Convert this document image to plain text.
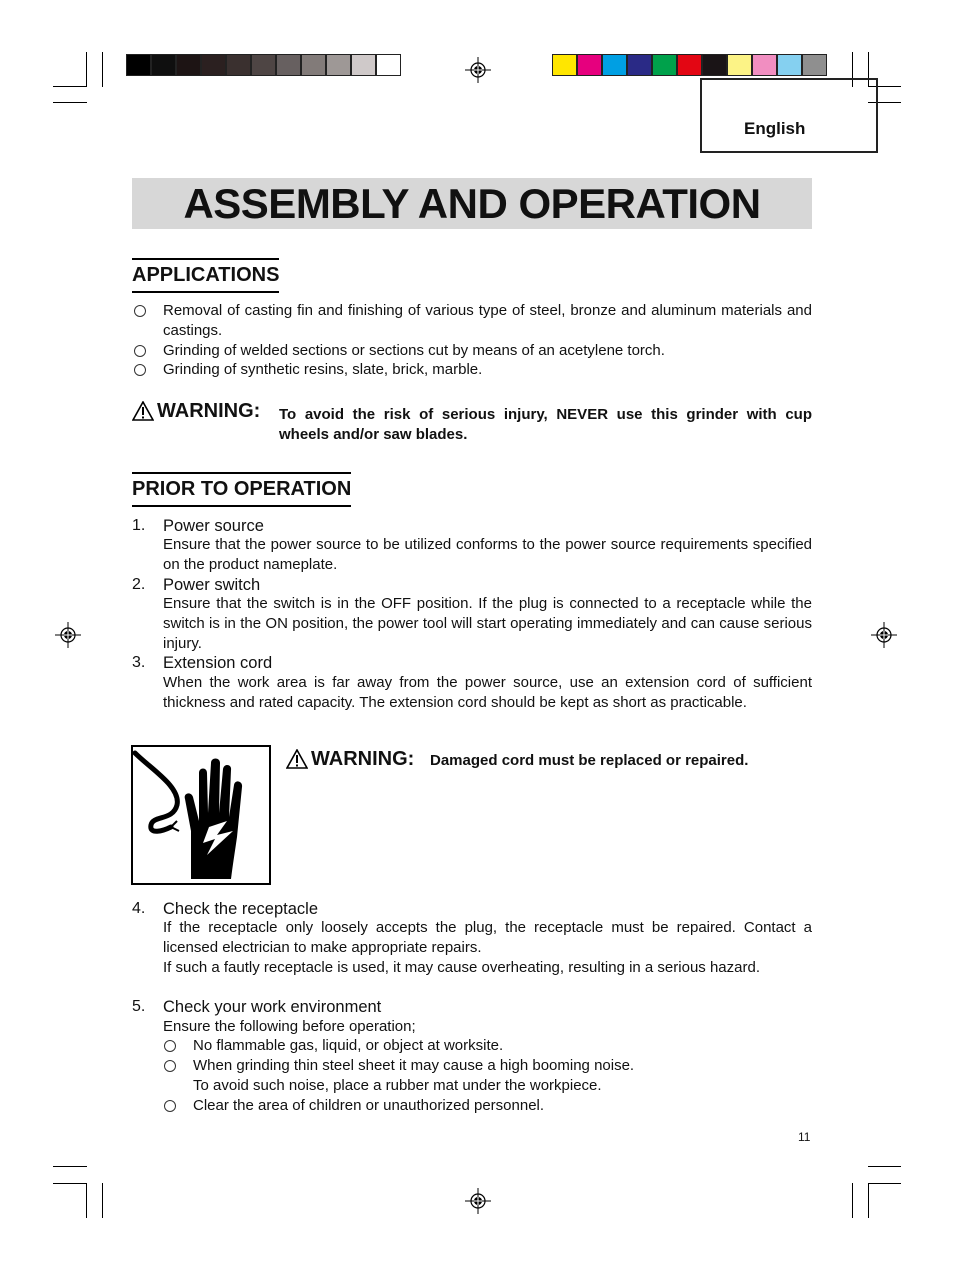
English
ASSEMBLY AND OPERATION
APPLICATIONS
Removal of casting fin and finishing of various type of steel, bronze and aluminum materials and castings.
Grinding of welded sections or sections cut by means of an acetylene torch.
Grinding of synthetic resins, slate, brick, marble.
WARNING: To avoid the risk of serious injury, NEVER use this grinder with cup wheels and/or saw blades.
PRIOR TO OPERATION
1. Power source
Ensure that the power source to be utilized conforms to the power source requirements specified on the product nameplate.
2. Power switch
Ensure that the switch is in the OFF position. If the plug is connected to a receptacle while the switch is in the ON position, the power tool will start operating immediately and can cause serious injury.
3. Extension cord
When the work area is far away from the power source, use an extension cord of sufficient thickness and rated capacity. The extension cord should be kept as short as practicable.
WARNING: Damaged cord must be replaced or repaired.
4. Check the receptacle
If the receptacle only loosely accepts the plug, the receptacle must be repaired. Contact a licensed electrician to make appropriate repairs.
If such a fautly receptacle is used, it may cause overheating, resulting in a serious hazard.
5. Check your work environment
Ensure the following before operation;
No flammable gas, liquid, or object at worksite.
When grinding thin steel sheet it may cause a high booming noise.
To avoid such noise, place a rubber mat under the workpiece.
Clear the area of children or unauthorized personnel.
11
